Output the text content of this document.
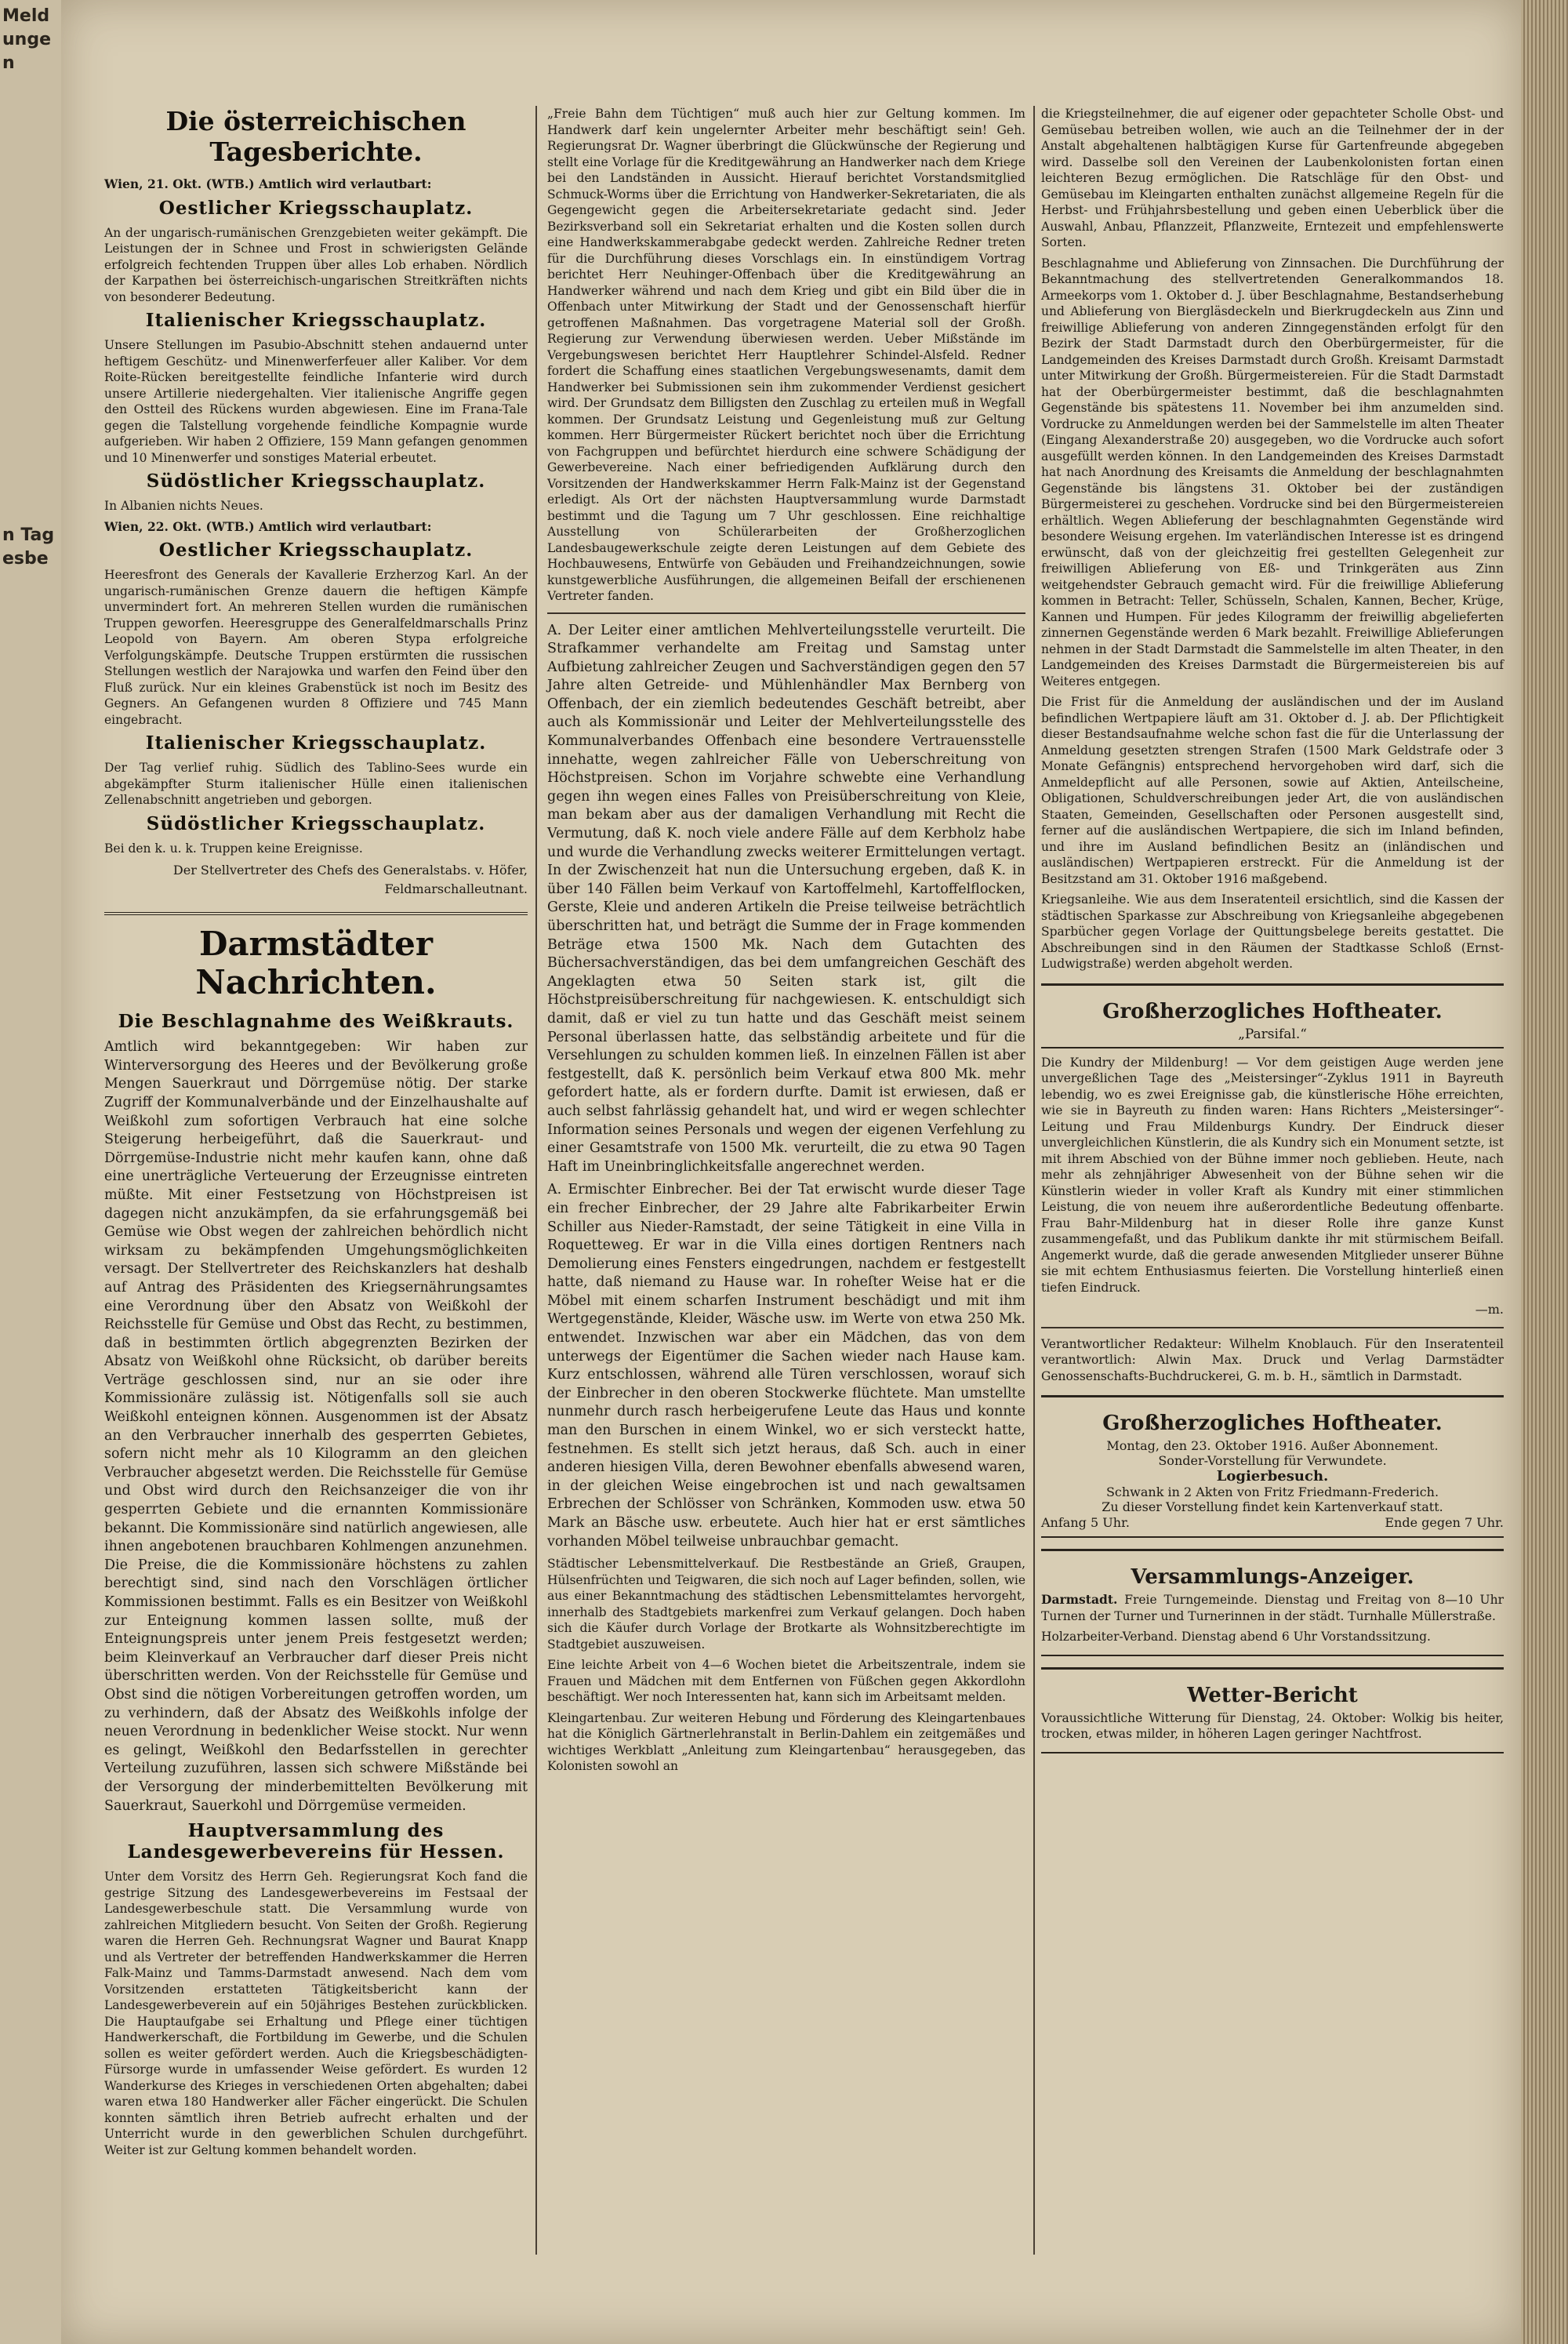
Meldungen
n Tagesbe
Die österreichischen Tagesberichte.

Wien, 21. Okt. (WTB.) Amtlich wird verlautbart:

Oestlicher Kriegsschauplatz.

An der ungarisch-rumänischen Grenzgebieten weiter gekämpft. Die Leistungen der in Schnee und Frost in schwierigsten Gelände erfolgreich fechtenden Truppen über alles Lob erhaben. Nördlich der Karpathen bei österreichisch-ungarischen Streitkräften nichts von besonderer Bedeutung.

Italienischer Kriegsschauplatz.

Unsere Stellungen im Pasubio-Abschnitt stehen andauernd unter heftigem Geschütz- und Minenwerferfeuer aller Kaliber. Vor dem Roite-Rücken bereitgestellte feindliche Infanterie wird durch unsere Artillerie niedergehalten. Vier italienische Angriffe gegen den Ostteil des Rückens wurden abgewiesen. Eine im Frana-Tale gegen die Talstellung vorgehende feindliche Kompagnie wurde aufgerieben. Wir haben 2 Offiziere, 159 Mann gefangen genommen und 10 Minenwerfer und sonstiges Material erbeutet.

Südöstlicher Kriegsschauplatz.

In Albanien nichts Neues.

Wien, 22. Okt. (WTB.) Amtlich wird verlautbart:

Oestlicher Kriegsschauplatz.

Heeresfront des Generals der Kavallerie Erzherzog Karl. An der ungarisch-rumänischen Grenze dauern die heftigen Kämpfe unvermindert fort. An mehreren Stellen wurden die rumänischen Truppen geworfen. Heeresgruppe des Generalfeldmarschalls Prinz Leopold von Bayern. Am oberen Stypa erfolgreiche Verfolgungskämpfe. Deutsche Truppen erstürmten die russischen Stellungen westlich der Narajowka und warfen den Feind über den Fluß zurück. Nur ein kleines Grabenstück ist noch im Besitz des Gegners. An Gefangenen wurden 8 Offiziere und 745 Mann eingebracht.

Italienischer Kriegsschauplatz.

Der Tag verlief ruhig. Südlich des Tablino-Sees wurde ein abgekämpfter Sturm italienischer Hülle einen italienischen Zellenabschnitt angetrieben und geborgen.

Südöstlicher Kriegsschauplatz.

Bei den k. u. k. Truppen keine Ereignisse.

Der Stellvertreter des Chefs des Generalstabs. v. Höfer, Feldmarschalleutnant.

Darmstädter Nachrichten.
Die Beschlagnahme des Weißkrauts.

Amtlich wird bekanntgegeben: Wir haben zur Winterversorgung des Heeres und der Bevölkerung große Mengen Sauerkraut und Dörrgemüse nötig. Der starke Zugriff der Kommunalverbände und der Einzelhaushalte auf Weißkohl zum sofortigen Verbrauch hat eine solche Steigerung herbeigeführt, daß die Sauerkraut- und Dörrgemüse-Industrie nicht mehr kaufen kann, ohne daß eine unerträgliche Verteuerung der Erzeugnisse eintreten müßte. Mit einer Festsetzung von Höchstpreisen ist dagegen nicht anzukämpfen, da sie erfahrungsgemäß bei Gemüse wie Obst wegen der zahlreichen behördlich nicht wirksam zu bekämpfenden Umgehungsmöglichkeiten versagt. Der Stellvertreter des Reichskanzlers hat deshalb auf Antrag des Präsidenten des Kriegsernährungsamtes eine Verordnung über den Absatz von Weißkohl der Reichsstelle für Gemüse und Obst das Recht, zu bestimmen, daß in bestimmten örtlich abgegrenzten Bezirken der Absatz von Weißkohl ohne Rücksicht, ob darüber bereits Verträge geschlossen sind, nur an sie oder ihre Kommissionäre zulässig ist. Nötigenfalls soll sie auch Weißkohl enteignen können. Ausgenommen ist der Absatz an den Verbraucher innerhalb des gesperrten Gebietes, sofern nicht mehr als 10 Kilogramm an den gleichen Verbraucher abgesetzt werden. Die Reichsstelle für Gemüse und Obst wird durch den Reichsanzeiger die von ihr gesperrten Gebiete und die ernannten Kommissionäre bekannt. Die Kommissionäre sind natürlich angewiesen, alle ihnen angebotenen brauchbaren Kohlmengen anzunehmen. Die Preise, die die Kommissionäre höchstens zu zahlen berechtigt sind, sind nach den Vorschlägen örtlicher Kommissionen bestimmt. Falls es ein Besitzer von Weißkohl zur Enteignung kommen lassen sollte, muß der Enteignungspreis unter jenem Preis festgesetzt werden; beim Kleinverkauf an Verbraucher darf dieser Preis nicht überschritten werden. Von der Reichsstelle für Gemüse und Obst sind die nötigen Vorbereitungen getroffen worden, um zu verhindern, daß der Absatz des Weißkohls infolge der neuen Verordnung in bedenklicher Weise stockt. Nur wenn es gelingt, Weißkohl den Bedarfsstellen in gerechter Verteilung zuzuführen, lassen sich schwere Mißstände bei der Versorgung der minderbemittelten Bevölkerung mit Sauerkraut, Sauerkohl und Dörrgemüse vermeiden.

Hauptversammlung des Landesgewerbevereins für Hessen.

Unter dem Vorsitz des Herrn Geh. Regierungsrat Koch fand die gestrige Sitzung des Landesgewerbevereins im Festsaal der Landesgewerbeschule statt. Die Versammlung wurde von zahlreichen Mitgliedern besucht. Von Seiten der Großh. Regierung waren die Herren Geh. Rechnungsrat Wagner und Baurat Knapp und als Vertreter der betreffenden Handwerkskammer die Herren Falk-Mainz und Tamms-Darmstadt anwesend. Nach dem vom Vorsitzenden erstatteten Tätigkeitsbericht kann der Landesgewerbeverein auf ein 50jähriges Bestehen zurückblicken. Die Hauptaufgabe sei Erhaltung und Pflege einer tüchtigen Handwerkerschaft, die Fortbildung im Gewerbe, und die Schulen sollen es weiter gefördert werden. Auch die Kriegsbeschädigten-Fürsorge wurde in umfassender Weise gefördert. Es wurden 12 Wanderkurse des Krieges in verschiedenen Orten abgehalten; dabei waren etwa 180 Handwerker aller Fächer eingerückt. Die Schulen konnten sämtlich ihren Betrieb aufrecht erhalten und der Unterricht wurde in den gewerblichen Schulen durchgeführt. Weiter ist zur Geltung kommen behandelt worden.

„Freie Bahn dem Tüchtigen“ muß auch hier zur Geltung kommen. Im Handwerk darf kein ungelernter Arbeiter mehr beschäftigt sein! Geh. Regierungsrat Dr. Wagner überbringt die Glückwünsche der Regierung und stellt eine Vorlage für die Kreditgewährung an Handwerker nach dem Kriege bei den Landständen in Aussicht. Hierauf berichtet Vorstandsmitglied Schmuck-Worms über die Errichtung von Handwerker-Sekretariaten, die als Gegengewicht gegen die Arbeitersekretariate gedacht sind. Jeder Bezirksverband soll ein Sekretariat erhalten und die Kosten sollen durch eine Handwerkskammerabgabe gedeckt werden. Zahlreiche Redner treten für die Durchführung dieses Vorschlags ein. In einstündigem Vortrag berichtet Herr Neuhinger-Offenbach über die Kreditgewährung an Handwerker während und nach dem Krieg und gibt ein Bild über die in Offenbach unter Mitwirkung der Stadt und der Genossenschaft hierfür getroffenen Maßnahmen. Das vorgetragene Material soll der Großh. Regierung zur Verwendung überwiesen werden. Ueber Mißstände im Vergebungswesen berichtet Herr Hauptlehrer Schindel-Alsfeld. Redner fordert die Schaffung eines staatlichen Vergebungswesenamts, damit dem Handwerker bei Submissionen sein ihm zukommender Verdienst gesichert wird. Der Grundsatz dem Billigsten den Zuschlag zu erteilen muß in Wegfall kommen. Der Grundsatz Leistung und Gegenleistung muß zur Geltung kommen. Herr Bürgermeister Rückert berichtet noch über die Errichtung von Fachgruppen und befürchtet hierdurch eine schwere Schädigung der Gewerbevereine. Nach einer befriedigenden Aufklärung durch den Vorsitzenden der Handwerkskammer Herrn Falk-Mainz ist der Gegenstand erledigt. Als Ort der nächsten Hauptversammlung wurde Darmstadt bestimmt und die Tagung um 7 Uhr geschlossen. Eine reichhaltige Ausstellung von Schülerarbeiten der Großherzoglichen Landesbaugewerkschule zeigte deren Leistungen auf dem Gebiete des Hochbauwesens, Entwürfe von Gebäuden und Freihandzeichnungen, sowie kunstgewerbliche Ausführungen, die allgemeinen Beifall der erschienenen Vertreter fanden.

A. Der Leiter einer amtlichen Mehlverteilungsstelle verurteilt. Die Strafkammer verhandelte am Freitag und Samstag unter Aufbietung zahlreicher Zeugen und Sachverständigen gegen den 57 Jahre alten Getreide- und Mühlenhändler Max Bernberg von Offenbach, der ein ziemlich bedeutendes Geschäft betreibt, aber auch als Kommissionär und Leiter der Mehlverteilungsstelle des Kommunalverbandes Offenbach eine besondere Vertrauensstelle innehatte, wegen zahlreicher Fälle von Ueberschreitung von Höchstpreisen. Schon im Vorjahre schwebte eine Verhandlung gegen ihn wegen eines Falles von Preisüberschreitung von Kleie, man bekam aber aus der damaligen Verhandlung mit Recht die Vermutung, daß K. noch viele andere Fälle auf dem Kerbholz habe und wurde die Verhandlung zwecks weiterer Ermittelungen vertagt. In der Zwischenzeit hat nun die Untersuchung ergeben, daß K. in über 140 Fällen beim Verkauf von Kartoffelmehl, Kartoffelflocken, Gerste, Kleie und anderen Artikeln die Preise teilweise beträchtlich überschritten hat, und beträgt die Summe der in Frage kommenden Beträge etwa 1500 Mk. Nach dem Gutachten des Büchersachverständigen, das bei dem umfangreichen Geschäft des Angeklagten etwa 50 Seiten stark ist, gilt die Höchstpreisüberschreitung für nachgewiesen. K. entschuldigt sich damit, daß er viel zu tun hatte und das Geschäft meist seinem Personal überlassen hatte, das selbständig arbeitete und für die Versehlungen zu schulden kommen ließ. In einzelnen Fällen ist aber festgestellt, daß K. persönlich beim Verkauf etwa 800 Mk. mehr gefordert hatte, als er fordern durfte. Damit ist erwiesen, daß er auch selbst fahrlässig gehandelt hat, und wird er wegen schlechter Information seines Personals und wegen der eigenen Verfehlung zu einer Gesamtstrafe von 1500 Mk. verurteilt, die zu etwa 90 Tagen Haft im Uneinbringlichkeitsfalle angerechnet werden.

A. Ermischter Einbrecher. Bei der Tat erwischt wurde dieser Tage ein frecher Einbrecher, der 29 Jahre alte Fabrikarbeiter Erwin Schiller aus Nieder-Ramstadt, der seine Tätigkeit in eine Villa in Roquetteweg. Er war in die Villa eines dortigen Rentners nach Demolierung eines Fensters eingedrungen, nachdem er festgestellt hatte, daß niemand zu Hause war. In roheſter Weise hat er die Möbel mit einem scharfen Instrument beschädigt und mit ihm Wertgegenstände, Kleider, Wäsche usw. im Werte von etwa 250 Mk. entwendet. Inzwischen war aber ein Mädchen, das von dem unterwegs der Eigentümer die Sachen wieder nach Hause kam. Kurz entschlossen, während alle Türen verschlossen, worauf sich der Einbrecher in den oberen Stockwerke flüchtete. Man umstellte nunmehr durch rasch herbeigerufene Leute das Haus und konnte man den Burschen in einem Winkel, wo er sich versteckt hatte, festnehmen. Es stellt sich jetzt heraus, daß Sch. auch in einer anderen hiesigen Villa, deren Bewohner ebenfalls abwesend waren, in der gleichen Weise eingebrochen ist und nach gewaltsamen Erbrechen der Schlösser von Schränken, Kommoden usw. etwa 50 Mark an Bäsche usw. erbeutete. Auch hier hat er erst sämtliches vorhanden Möbel teilweise unbrauchbar gemacht.

Städtischer Lebensmittelverkauf. Die Restbestände an Grieß, Graupen, Hülsenfrüchten und Teigwaren, die sich noch auf Lager befinden, sollen, wie aus einer Bekanntmachung des städtischen Lebensmittelamtes hervorgeht, innerhalb des Stadtgebiets markenfrei zum Verkauf gelangen. Doch haben sich die Käufer durch Vorlage der Brotkarte als Wohnsitzberechtigte im Stadtgebiet auszuweisen.

Eine leichte Arbeit von 4—6 Wochen bietet die Arbeitszentrale, indem sie Frauen und Mädchen mit dem Entfernen von Füßchen gegen Akkordlohn beschäftigt. Wer noch Interessenten hat, kann sich im Arbeitsamt melden.

Kleingartenbau. Zur weiteren Hebung und Förderung des Kleingartenbaues hat die Königlich Gärtnerlehranstalt in Berlin-Dahlem ein zeitgemäßes und wichtiges Werkblatt „Anleitung zum Kleingartenbau“ herausgegeben, das Kolonisten sowohl an

die Kriegsteilnehmer, die auf eigener oder gepachteter Scholle Obst- und Gemüsebau betreiben wollen, wie auch an die Teilnehmer der in der Anstalt abgehaltenen halbtägigen Kurse für Gartenfreunde abgegeben wird. Dasselbe soll den Vereinen der Laubenkolonisten fortan einen leichteren Bezug ermöglichen. Die Ratschläge für den Obst- und Gemüsebau im Kleingarten enthalten zunächst allgemeine Regeln für die Herbst- und Frühjahrsbestellung und geben einen Ueberblick über die Auswahl, Anbau, Pflanzzeit, Pflanzweite, Erntezeit und empfehlenswerte Sorten.

Beschlagnahme und Ablieferung von Zinnsachen. Die Durchführung der Bekanntmachung des stellvertretenden Generalkommandos 18. Armeekorps vom 1. Oktober d. J. über Beschlagnahme, Bestandserhebung und Ablieferung von Biergläsdeckeln und Bierkrugdeckeln aus Zinn und freiwillige Ablieferung von anderen Zinngegenständen erfolgt für den Bezirk der Stadt Darmstadt durch den Oberbürgermeister, für die Landgemeinden des Kreises Darmstadt durch Großh. Kreisamt Darmstadt unter Mitwirkung der Großh. Bürgermeistereien. Für die Stadt Darmstadt hat der Oberbürgermeister bestimmt, daß die beschlagnahmten Gegenstände bis spätestens 11. November bei ihm anzumelden sind. Vordrucke zu Anmeldungen werden bei der Sammelstelle im alten Theater (Eingang Alexanderstraße 20) ausgegeben, wo die Vordrucke auch sofort ausgefüllt werden können. In den Landgemeinden des Kreises Darmstadt hat nach Anordnung des Kreisamts die Anmeldung der beschlagnahmten Gegenstände bis längstens 31. Oktober bei der zuständigen Bürgermeisterei zu geschehen. Vordrucke sind bei den Bürgermeistereien erhältlich. Wegen Ablieferung der beschlagnahmten Gegenstände wird besondere Weisung ergehen. Im vaterländischen Interesse ist es dringend erwünscht, daß von der gleichzeitig frei gestellten Gelegenheit zur freiwilligen Ablieferung von Eß- und Trinkgeräten aus Zinn weitgehendster Gebrauch gemacht wird. Für die freiwillige Ablieferung kommen in Betracht: Teller, Schüsseln, Schalen, Kannen, Becher, Krüge, Kannen und Humpen. Für jedes Kilogramm der freiwillig abgelieferten zinnernen Gegenstände werden 6 Mark bezahlt. Freiwillige Ablieferungen nehmen in der Stadt Darmstadt die Sammelstelle im alten Theater, in den Landgemeinden des Kreises Darmstadt die Bürgermeistereien bis auf Weiteres entgegen.

Die Frist für die Anmeldung der ausländischen und der im Ausland befindlichen Wertpapiere läuft am 31. Oktober d. J. ab. Der Pflichtigkeit dieser Bestandsaufnahme welche schon fast die für die Unterlassung der Anmeldung gesetzten strengen Strafen (1500 Mark Geldstrafe oder 3 Monate Gefängnis) entsprechend hervorgehoben wird darf, sich die Anmeldepflicht auf alle Personen, sowie auf Aktien, Anteilscheine, Obligationen, Schuldverschreibungen jeder Art, die von ausländischen Staaten, Gemeinden, Gesellschaften oder Personen ausgestellt sind, ferner auf die ausländischen Wertpapiere, die sich im Inland befinden, und ihre im Ausland befindlichen Besitz an (inländischen und ausländischen) Wertpapieren erstreckt. Für die Anmeldung ist der Besitzstand am 31. Oktober 1916 maßgebend.

Kriegsanleihe. Wie aus dem Inseratenteil ersichtlich, sind die Kassen der städtischen Sparkasse zur Abschreibung von Kriegsanleihe abgegebenen Sparbücher gegen Vorlage der Quittungsbelege bereits gestattet. Die Abschreibungen sind in den Räumen der Stadtkasse Schloß (Ernst-Ludwigstraße) werden abgeholt werden.

Großherzogliches Hoftheater.
„Parsifal.“

Die Kundry der Mildenburg! — Vor dem geistigen Auge werden jene unvergeßlichen Tage des „Meistersinger“-Zyklus 1911 in Bayreuth lebendig, wo es zwei Ereignisse gab, die künstlerische Höhe erreichten, wie sie in Bayreuth zu finden waren: Hans Richters „Meistersinger“-Leitung und Frau Mildenburgs Kundry. Der Eindruck dieser unvergleichlichen Künstlerin, die als Kundry sich ein Monument setzte, ist mit ihrem Abschied von der Bühne immer noch geblieben. Heute, nach mehr als zehnjähriger Abwesenheit von der Bühne sehen wir die Künstlerin wieder in voller Kraft als Kundry mit einer stimmlichen Leistung, die von neuem ihre außerordentliche Bedeutung offenbarte. Frau Bahr-Mildenburg hat in dieser Rolle ihre ganze Kunst zusammengefaßt, und das Publikum dankte ihr mit stürmischem Beifall. Angemerkt wurde, daß die gerade anwesenden Mitglieder unserer Bühne sie mit echtem Enthusiasmus feierten. Die Vorstellung hinterließ einen tiefen Eindruck.

—m.

Verantwortlicher Redakteur: Wilhelm Knoblauch. Für den Inseratenteil verantwortlich: Alwin Max. Druck und Verlag Darmstädter Genossenschafts-Buchdruckerei, G. m. b. H., sämtlich in Darmstadt.

Großherzogliches Hoftheater.
Montag, den 23. Oktober 1916. Außer Abonnement.
Sonder-Vorstellung für Verwundete.
Logierbesuch.
Schwank in 2 Akten von Fritz Friedmann-Frederich.
Zu dieser Vorstellung findet kein Kartenverkauf statt.
Anfang 5 Uhr.	Ende gegen 7 Uhr.
Versammlungs-Anzeiger.

Darmstadt. Freie Turngemeinde. Dienstag und Freitag von 8—10 Uhr Turnen der Turner und Turnerinnen in der städt. Turnhalle Müllerstraße.

Holzarbeiter-Verband. Dienstag abend 6 Uhr Vorstandssitzung.

Wetter-Bericht

Voraussichtliche Witterung für Dienstag, 24. Oktober: Wolkig bis heiter, trocken, etwas milder, in höheren Lagen geringer Nachtfrost.
